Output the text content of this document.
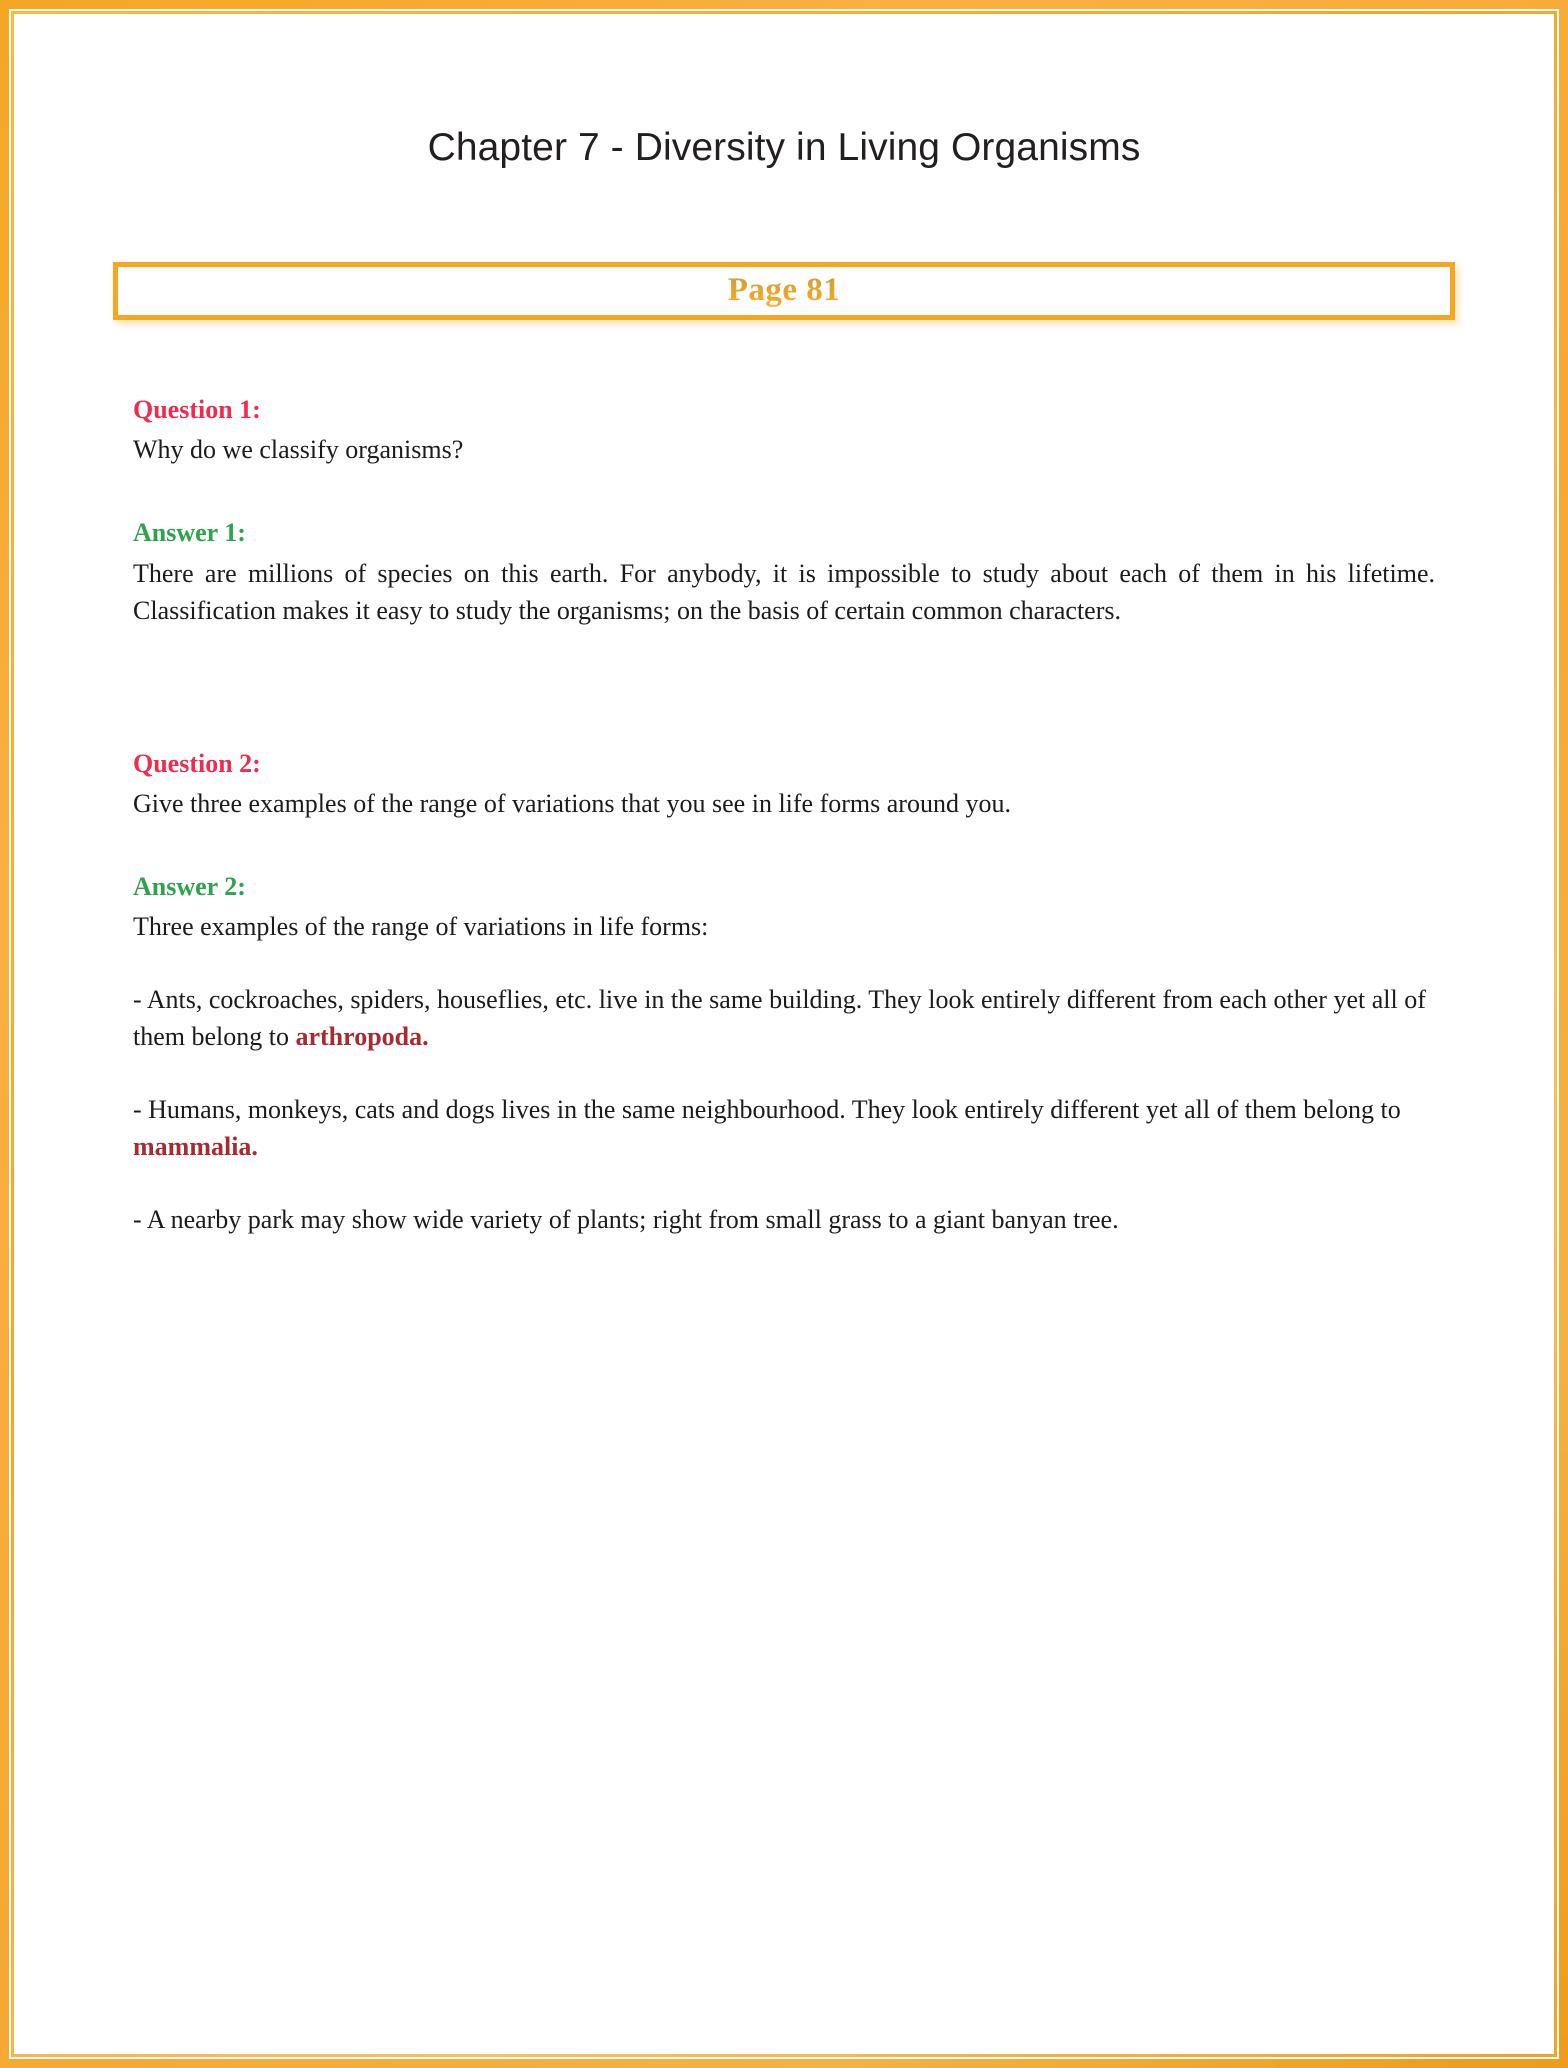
Chapter 7 - Diversity in Living Organisms
Page 81
Question 1:

Why do we classify organisms?

Answer 1:

There are millions of species on this earth. For anybody, it is impossible to study about each of them in his lifetime. Classification makes it easy to study the organisms; on the basis of certain common characters.

Question 2:

Give three examples of the range of variations that you see in life forms around you.

Answer 2:

Three examples of the range of variations in life forms:

- Ants, cockroaches, spiders, houseflies, etc. live in the same building. They look entirely different from each other yet all of them belong to arthropoda.

- Humans, monkeys, cats and dogs lives in the same neighbourhood. They look entirely different yet all of them belong to mammalia.

- A nearby park may show wide variety of plants; right from small grass to a giant banyan tree.
